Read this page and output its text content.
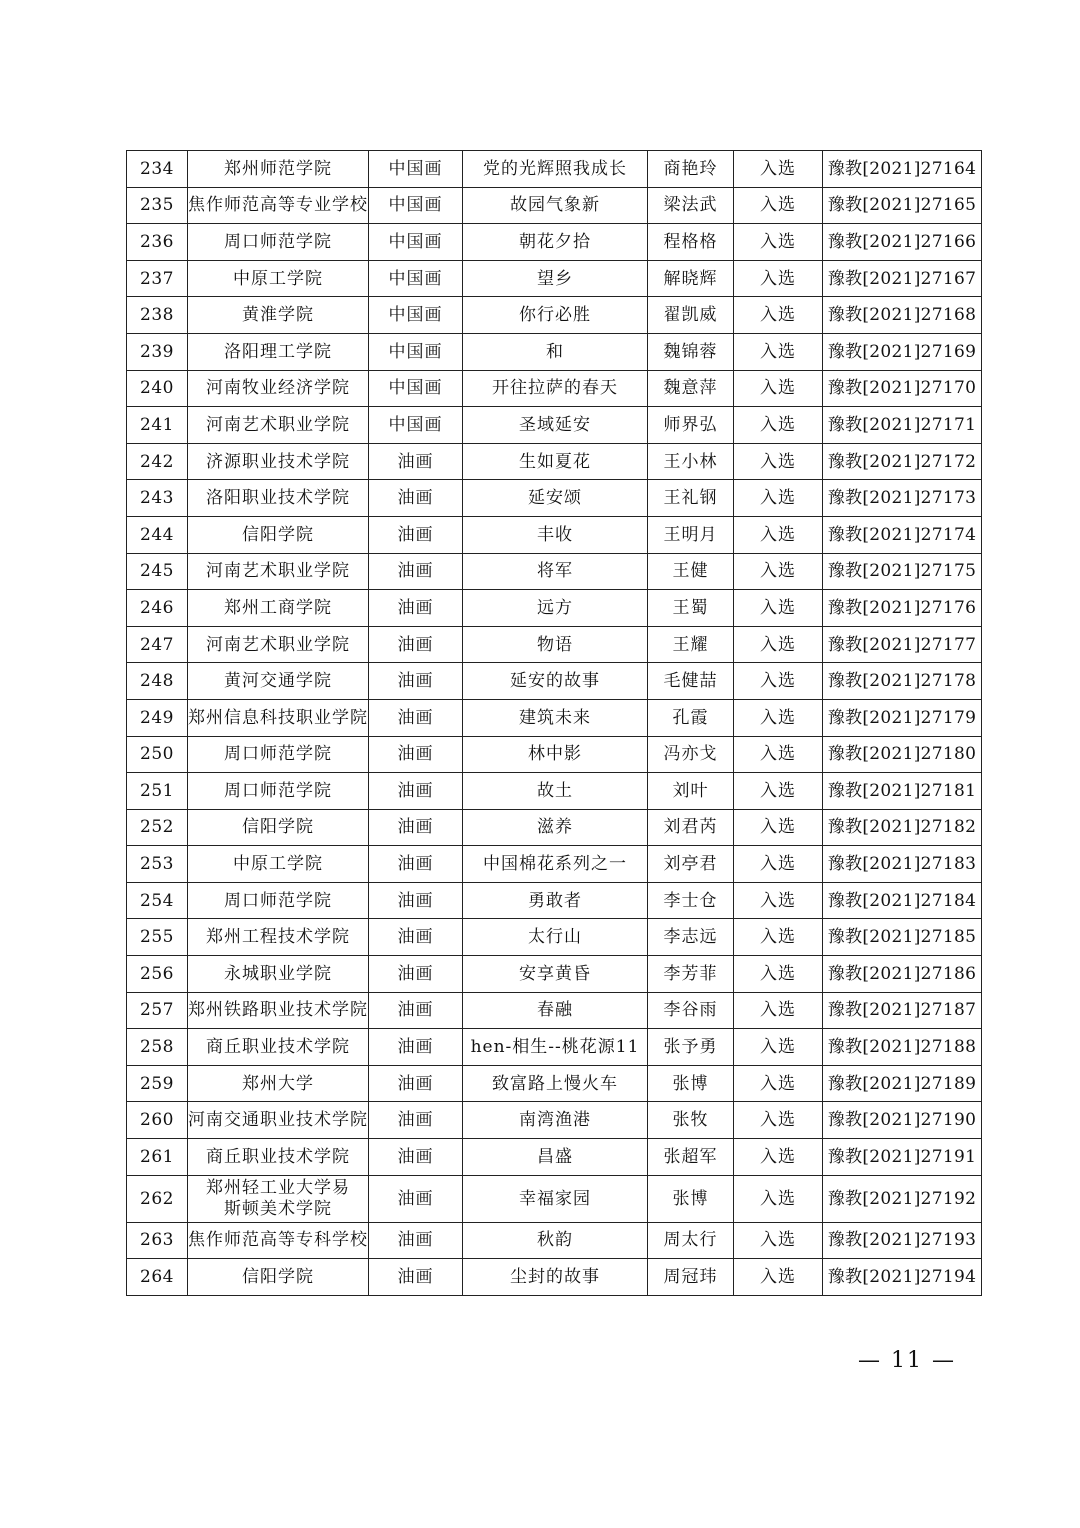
234	郑州师范学院	中国画	党的光辉照我成长	商艳玲	入选	豫教[2021]27164
235	焦作师范高等专业学校	中国画	故园气象新	梁法武	入选	豫教[2021]27165
236	周口师范学院	中国画	朝花夕拾	程格格	入选	豫教[2021]27166
237	中原工学院	中国画	望乡	解晓辉	入选	豫教[2021]27167
238	黄淮学院	中国画	你行必胜	翟凯威	入选	豫教[2021]27168
239	洛阳理工学院	中国画	和	魏锦蓉	入选	豫教[2021]27169
240	河南牧业经济学院	中国画	开往拉萨的春天	魏意萍	入选	豫教[2021]27170
241	河南艺术职业学院	中国画	圣域延安	师界弘	入选	豫教[2021]27171
242	济源职业技术学院	油画	生如夏花	王小林	入选	豫教[2021]27172
243	洛阳职业技术学院	油画	延安颂	王礼钢	入选	豫教[2021]27173
244	信阳学院	油画	丰收	王明月	入选	豫教[2021]27174
245	河南艺术职业学院	油画	将军	王健	入选	豫教[2021]27175
246	郑州工商学院	油画	远方	王蜀	入选	豫教[2021]27176
247	河南艺术职业学院	油画	物语	王耀	入选	豫教[2021]27177
248	黄河交通学院	油画	延安的故事	毛健喆	入选	豫教[2021]27178
249	郑州信息科技职业学院	油画	建筑未来	孔霞	入选	豫教[2021]27179
250	周口师范学院	油画	林中影	冯亦戈	入选	豫教[2021]27180
251	周口师范学院	油画	故土	刘叶	入选	豫教[2021]27181
252	信阳学院	油画	滋养	刘君芮	入选	豫教[2021]27182
253	中原工学院	油画	中国棉花系列之一	刘亭君	入选	豫教[2021]27183
254	周口师范学院	油画	勇敢者	李士仓	入选	豫教[2021]27184
255	郑州工程技术学院	油画	太行山	李志远	入选	豫教[2021]27185
256	永城职业学院	油画	安享黄昏	李芳菲	入选	豫教[2021]27186
257	郑州铁路职业技术学院	油画	春融	李谷雨	入选	豫教[2021]27187
258	商丘职业技术学院	油画	hen-相生--桃花源11	张予勇	入选	豫教[2021]27188
259	郑州大学	油画	致富路上慢火车	张博	入选	豫教[2021]27189
260	河南交通职业技术学院	油画	南湾渔港	张牧	入选	豫教[2021]27190
261	商丘职业技术学院	油画	昌盛	张超军	入选	豫教[2021]27191
262	郑州轻工业大学易斯顿美术学院	油画	幸福家园	张博	入选	豫教[2021]27192
263	焦作师范高等专科学校	油画	秋韵	周太行	入选	豫教[2021]27193
264	信阳学院	油画	尘封的故事	周冠玮	入选	豫教[2021]27194
— 11 —
